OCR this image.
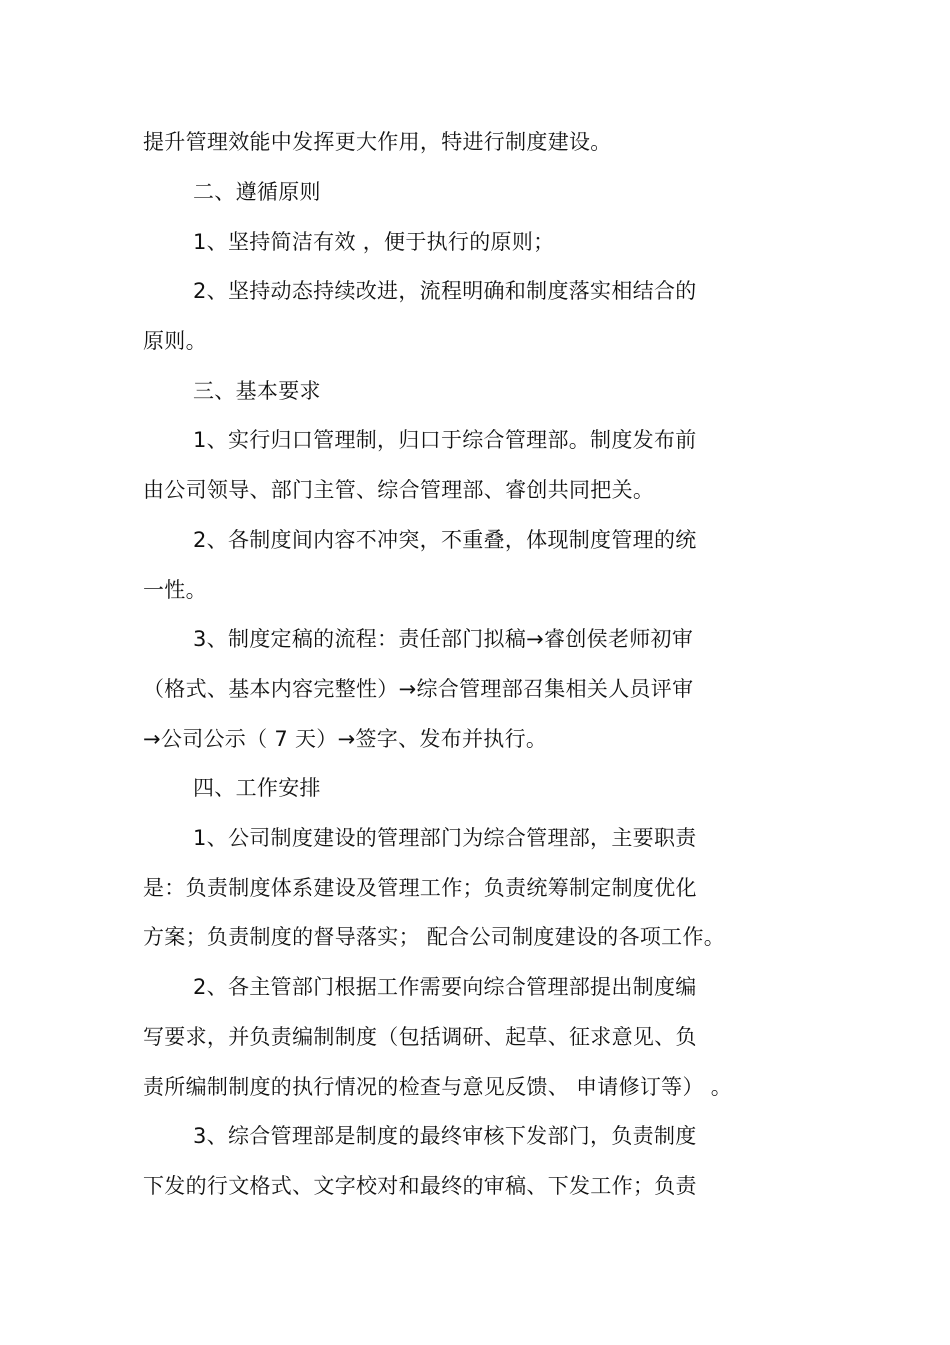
提升管理效能中发挥更大作用，特进行制度建设。
二、遵循原则
1、坚持简洁有效 ，便于执行的原则；
2、坚持动态持续改进，流程明确和制度落实相结合的
原则。
三、基本要求
1、实行归口管理制，归口于综合管理部。制度发布前
由公司领导、部门主管、综合管理部、睿创共同把关。
2、各制度间内容不冲突，不重叠，体现制度管理的统
一性。
3、制度定稿的流程：责任部门拟稿→睿创侯老师初审
（格式、基本内容完整性）→综合管理部召集相关人员评审
→公司公示（ 7 天）→签字、发布并执行。
四、工作安排
1、公司制度建设的管理部门为综合管理部，主要职责
是：负责制度体系建设及管理工作；负责统筹制定制度优化
方案；负责制度的督导落实； 配合公司制度建设的各项工作。
2、各主管部门根据工作需要向综合管理部提出制度编
写要求，并负责编制制度（包括调研、起草、征求意见、负
责所编制制度的执行情况的检查与意见反馈、 申请修订等） 。
3、综合管理部是制度的最终审核下发部门，负责制度
下发的行文格式、文字校对和最终的审稿、下发工作；负责
